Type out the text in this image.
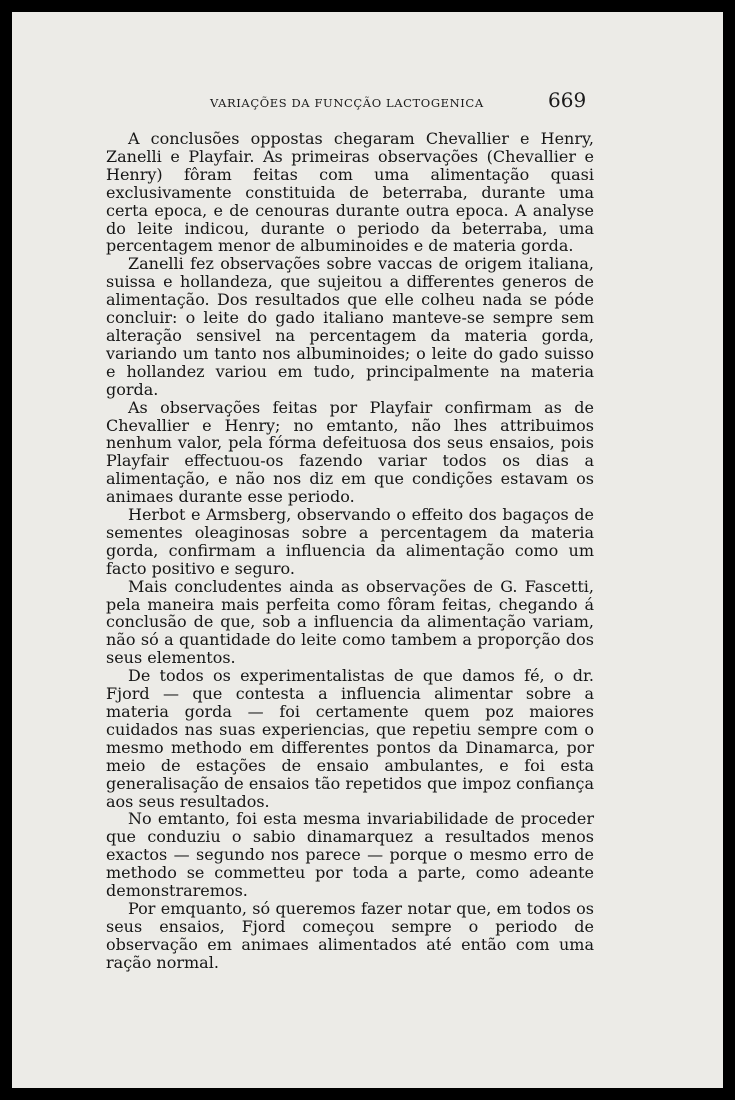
VARIAÇÕES DA FUNCÇÃO LACTOGENICA	669

A conclusões oppostas chegaram Chevallier e Henry, Zanelli e Playfair. As primeiras observações (Chevallier e Henry) fôram feitas com uma alimentação quasi exclusivamente constituida de beterraba, durante uma certa epoca, e de cenouras durante outra epoca. A analyse do leite indicou, durante o periodo da beterraba, uma percentagem menor de albuminoides e de materia gorda.

Zanelli fez observações sobre vaccas de origem italiana, suissa e hollandeza, que sujeitou a differentes generos de alimentação. Dos resultados que elle colheu nada se póde concluir: o leite do gado italiano manteve-se sempre sem alteração sensivel na percentagem da materia gorda, variando um tanto nos albuminoides; o leite do gado suisso e hollandez variou em tudo, principalmente na materia gorda.

As observações feitas por Playfair confirmam as de Chevallier e Henry; no emtanto, não lhes attribuimos nenhum valor, pela fórma defeituosa dos seus ensaios, pois Playfair effectuou-os fazendo variar todos os dias a alimentação, e não nos diz em que condições estavam os animaes durante esse periodo.

Herbot e Armsberg, observando o effeito dos bagaços de sementes oleaginosas sobre a percentagem da materia gorda, confirmam a influencia da alimentação como um facto positivo e seguro.

Mais concludentes ainda as observações de G. Fascetti, pela maneira mais perfeita como fôram feitas, chegando á conclusão de que, sob a influencia da alimentação variam, não só a quantidade do leite como tambem a proporção dos seus elementos.

De todos os experimentalistas de que damos fé, o dr. Fjord — que contesta a influencia alimentar sobre a materia gorda — foi certamente quem poz maiores cuidados nas suas experiencias, que repetiu sempre com o mesmo methodo em differentes pontos da Dinamarca, por meio de estações de ensaio ambulantes, e foi esta generalisação de ensaios tão repetidos que impoz confiança aos seus resultados.

No emtanto, foi esta mesma invariabilidade de proceder que conduziu o sabio dinamarquez a resultados menos exactos — segundo nos parece — porque o mesmo erro de methodo se commetteu por toda a parte, como adeante demonstraremos.

Por emquanto, só queremos fazer notar que, em todos os seus ensaios, Fjord começou sempre o periodo de observação em animaes alimentados até então com uma ração normal.
